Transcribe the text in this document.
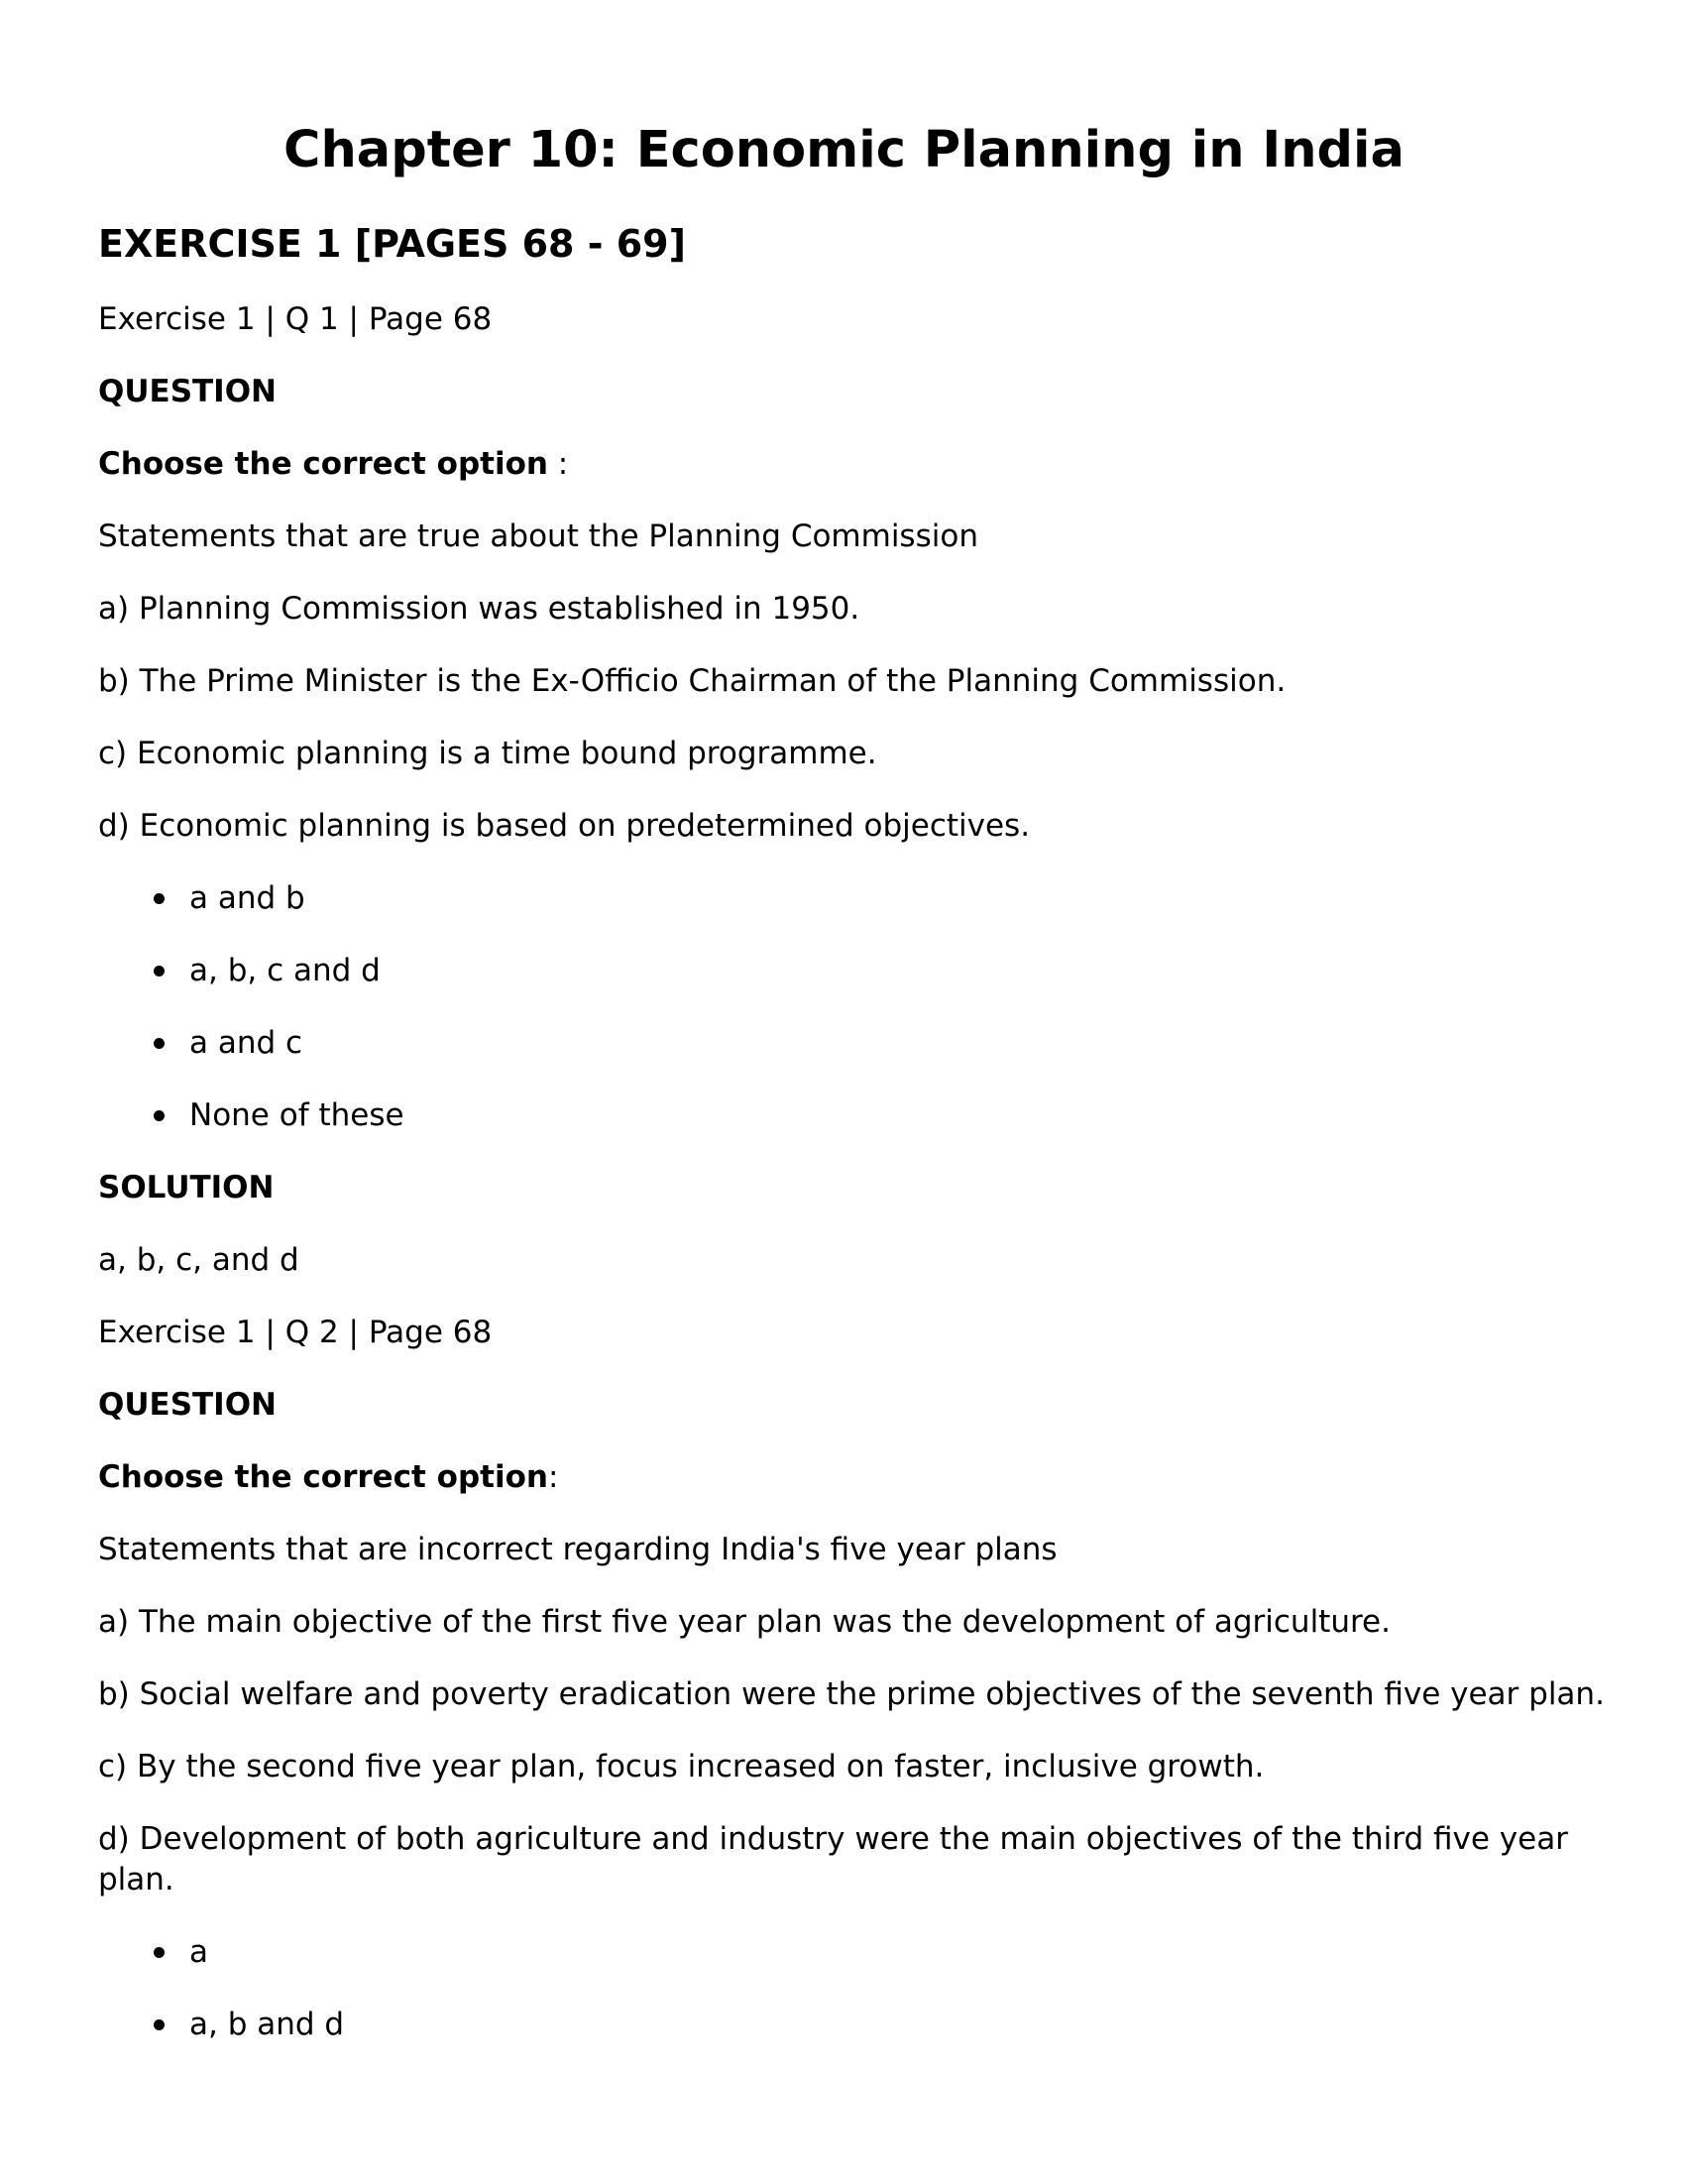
Chapter 10: Economic Planning in India
EXERCISE 1 [PAGES 68 - 69]

Exercise 1 | Q 1 | Page 68

QUESTION

Choose the correct option :

Statements that are true about the Planning Commission

a) Planning Commission was established in 1950.

b) The Prime Minister is the Ex-Officio Chairman of the Planning Commission.

c) Economic planning is a time bound programme.

d) Economic planning is based on predetermined objectives.

a and b
a, b, c and d
a and c
None of these

SOLUTION

a, b, c, and d

Exercise 1 | Q 2 | Page 68

QUESTION

Choose the correct option:

Statements that are incorrect regarding India's five year plans

a) The main objective of the first five year plan was the development of agriculture.

b) Social welfare and poverty eradication were the prime objectives of the seventh five year plan.

c) By the second five year plan, focus increased on faster, inclusive growth.

d) Development of both agriculture and industry were the main objectives of the third five year plan.

a
a, b and d
